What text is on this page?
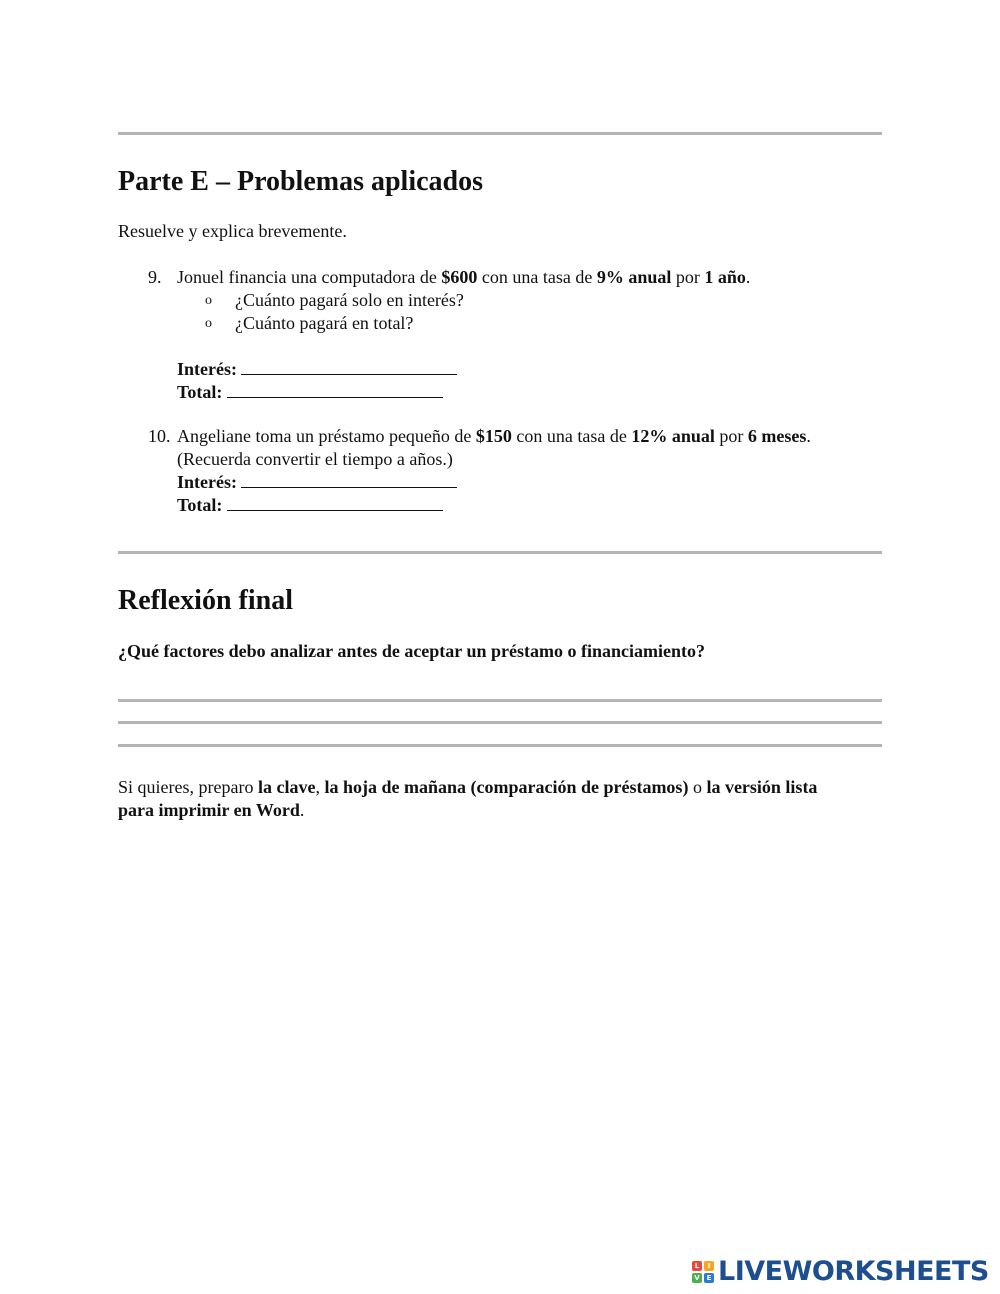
Parte E – Problemas aplicados
Resuelve y explica brevemente.
9. Jonuel financia una computadora de $600 con una tasa de 9% anual por 1 año.
o ¿Cuánto pagará solo en interés?
o ¿Cuánto pagará en total?
Interés:
Total:
10. Angeliane toma un préstamo pequeño de $150 con una tasa de 12% anual por 6 meses.
(Recuerda convertir el tiempo a años.)
Interés:
Total:
Reflexión final
¿Qué factores debo analizar antes de aceptar un préstamo o financiamiento?
Si quieres, preparo la clave, la hoja de mañana (comparación de préstamos) o la versión lista
para imprimir en Word.
L	I
V E LIVEWORKSHEETS
